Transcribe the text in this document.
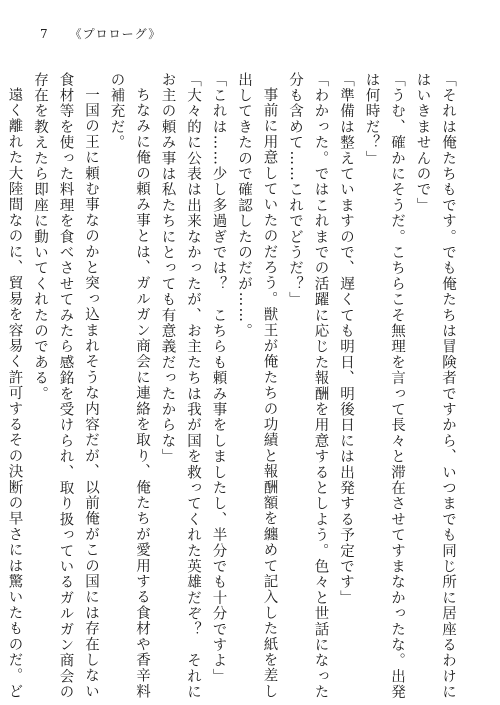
7 《プロローグ》
「それは俺たちもです。でも俺たちは冒険者ですから、いつまでも同じ所に居座るわけに
はいきませんので」
「うむ、確かにそうだ。こちらこそ無理を言って長々と滞在させてすまなかったな。出発
は何時だ？」
「準備は整えていますので、遅くても明日、明後日には出発する予定です」
「わかった。ではこれまでの活躍に応じた報酬を用意するとしよう。色々と世話になった
分も含めて……これでどうだ？」
事前に用意していたのだろう。獣王が俺たちの功績と報酬額を纏めて記入した紙を差し
出してきたので確認したのだが……。
「これは……少し多過ぎでは？　こちらも頼み事をしましたし、半分でも十分ですよ」
「大々的に公表は出来なかったが、お主たちは我が国を救ってくれた英雄だぞ？　それに
お主の頼み事は私たちにとっても有意義だったからな」
ちなみに俺の頼み事とは、ガルガン商会に連絡を取り、俺たちが愛用する食材や香辛料
の補充だ。
一国の王に頼む事なのかと突っ込まれそうな内容だが、以前俺がこの国には存在しない
食材等を使った料理を食べさせてみたら感銘を受けられ、取り扱っているガルガン商会の
存在を教えたら即座に動いてくれたのである。
遠く離れた大陸間なのに、貿易を容易く許可するその決断の早さには驚いたものだ。ど
